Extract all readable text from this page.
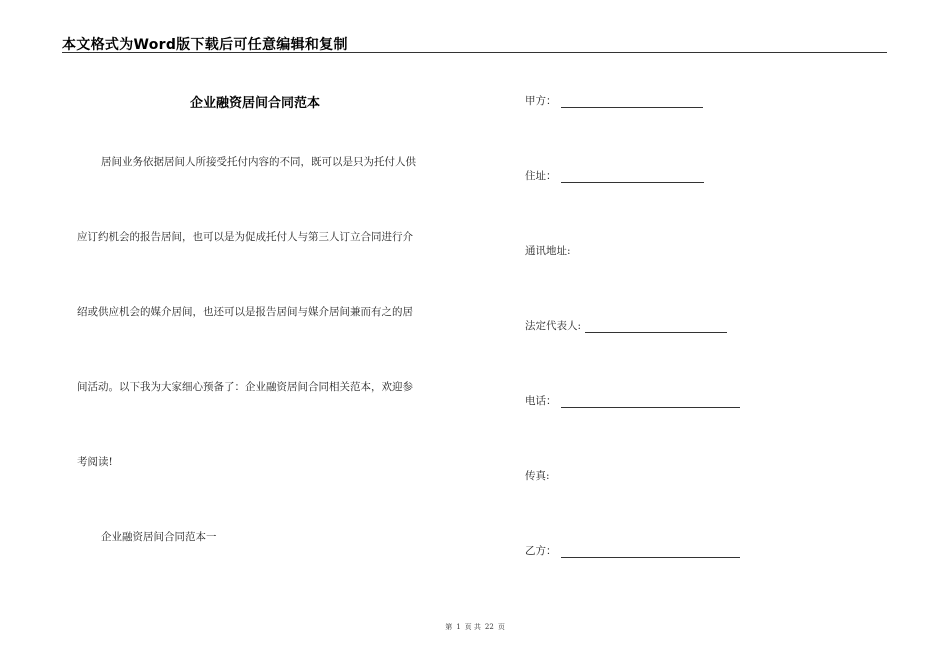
本文格式为Word版下载后可任意编辑和复制
企业融资居间合同范本
居间业务依据居间人所接受托付内容的不同，既可以是只为托付人供
应订约机会的报告居间，也可以是为促成托付人与第三人订立合同进行介
绍或供应机会的媒介居间，也还可以是报告居间与媒介居间兼而有之的居
间活动。以下我为大家细心预备了：企业融资居间合同相关范本，欢迎参
考阅读!
企业融资居间合同范本一
甲方：
住址：
通讯地址:
法定代表人:
电话：
传真:
乙方：
第 1 页 共 22 页
